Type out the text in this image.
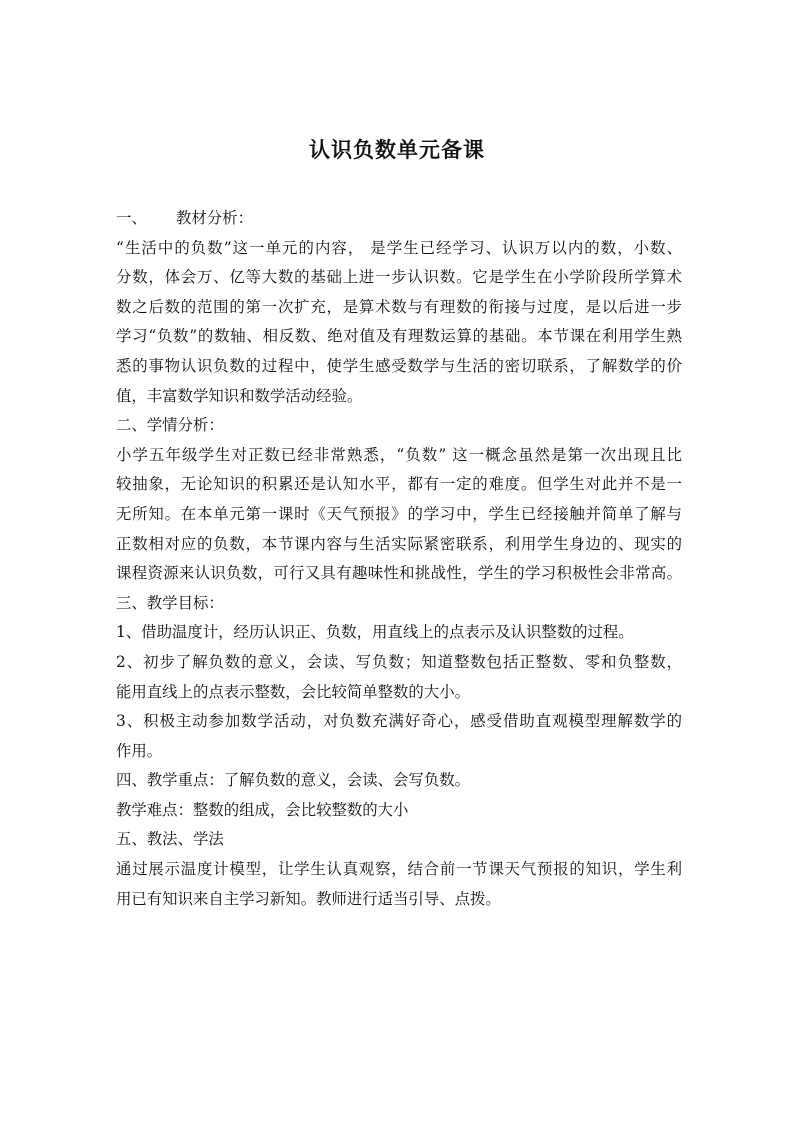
认识负数单元备课
一、 教材分析：
“生活中的负数”这一单元的内容， 是学生已经学习、认识万以内的数，小数、
分数，体会万、亿等大数的基础上进一步认识数。它是学生在小学阶段所学算术
数之后数的范围的第一次扩充，是算术数与有理数的衔接与过度，是以后进一步
学习“负数”的数轴、相反数、绝对值及有理数运算的基础。本节课在利用学生熟
悉的事物认识负数的过程中，使学生感受数学与生活的密切联系，了解数学的价
值，丰富数学知识和数学活动经验。
二、学情分析：
小学五年级学生对正数已经非常熟悉，“负数” 这一概念虽然是第一次出现且比
较抽象，无论知识的积累还是认知水平，都有一定的难度。但学生对此并不是一
无所知。在本单元第一课时《天气预报》的学习中，学生已经接触并简单了解与
正数相对应的负数，本节课内容与生活实际紧密联系，利用学生身边的、现实的
课程资源来认识负数，可行又具有趣味性和挑战性，学生的学习积极性会非常高。
三、教学目标：
1、借助温度计，经历认识正、负数，用直线上的点表示及认识整数的过程。
2、初步了解负数的意义，会读、写负数；知道整数包括正整数、零和负整数，
能用直线上的点表示整数，会比较简单整数的大小。
3、积极主动参加数学活动，对负数充满好奇心，感受借助直观模型理解数学的
作用。
四、教学重点：了解负数的意义，会读、会写负数。
教学难点：整数的组成，会比较整数的大小
五、教法、学法
通过展示温度计模型，让学生认真观察，结合前一节课天气预报的知识，学生利
用已有知识来自主学习新知。教师进行适当引导、点拨。
